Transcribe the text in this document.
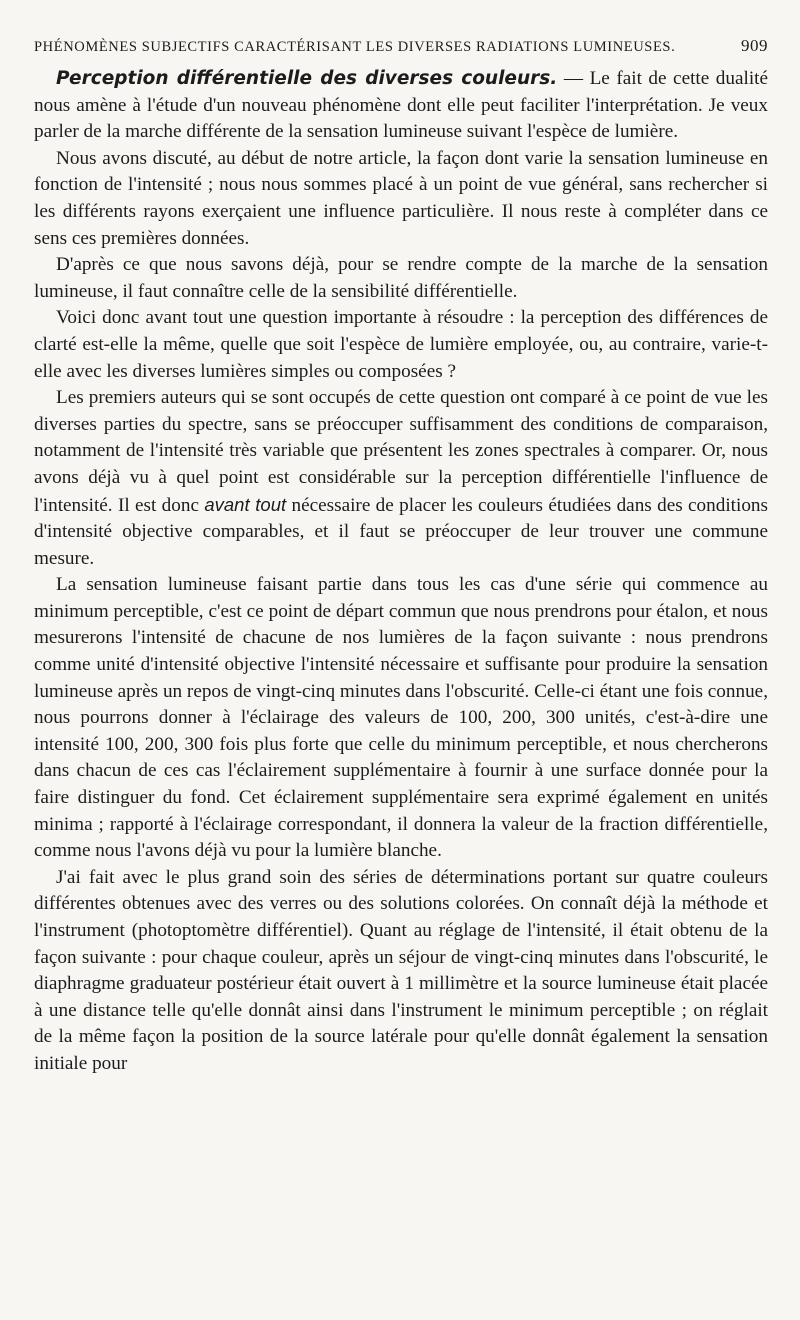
PHÉNOMÈNES SUBJECTIFS CARACTÉRISANT LES DIVERSES RADIATIONS LUMINEUSES.	909

Perception différentielle des diverses couleurs. — Le fait de cette dualité nous amène à l'étude d'un nouveau phénomène dont elle peut faciliter l'interprétation. Je veux parler de la marche différente de la sensation lumineuse suivant l'espèce de lumière.

Nous avons discuté, au début de notre article, la façon dont varie la sensation lumineuse en fonction de l'intensité ; nous nous sommes placé à un point de vue général, sans rechercher si les différents rayons exerçaient une influence particulière. Il nous reste à compléter dans ce sens ces premières données.

D'après ce que nous savons déjà, pour se rendre compte de la marche de la sensation lumineuse, il faut connaître celle de la sensibilité différentielle.

Voici donc avant tout une question importante à résoudre : la perception des différences de clarté est-elle la même, quelle que soit l'espèce de lumière employée, ou, au contraire, varie-t-elle avec les diverses lumières simples ou composées ?

Les premiers auteurs qui se sont occupés de cette question ont comparé à ce point de vue les diverses parties du spectre, sans se préoccuper suffisamment des conditions de comparaison, notamment de l'intensité très variable que présentent les zones spectrales à comparer. Or, nous avons déjà vu à quel point est considérable sur la perception différentielle l'influence de l'intensité. Il est donc avant tout nécessaire de placer les couleurs étudiées dans des conditions d'intensité objective comparables, et il faut se préoccuper de leur trouver une commune mesure.

La sensation lumineuse faisant partie dans tous les cas d'une série qui commence au minimum perceptible, c'est ce point de départ commun que nous prendrons pour étalon, et nous mesurerons l'intensité de chacune de nos lumières de la façon suivante : nous prendrons comme unité d'intensité objective l'intensité nécessaire et suffisante pour produire la sensation lumineuse après un repos de vingt-cinq minutes dans l'obscurité. Celle-ci étant une fois connue, nous pourrons donner à l'éclairage des valeurs de 100, 200, 300 unités, c'est-à-dire une intensité 100, 200, 300 fois plus forte que celle du minimum perceptible, et nous chercherons dans chacun de ces cas l'éclairement supplémentaire à fournir à une surface donnée pour la faire distinguer du fond. Cet éclairement supplémentaire sera exprimé également en unités minima ; rapporté à l'éclairage correspondant, il donnera la valeur de la fraction différentielle, comme nous l'avons déjà vu pour la lumière blanche.

J'ai fait avec le plus grand soin des séries de déterminations portant sur quatre couleurs différentes obtenues avec des verres ou des solutions colorées. On connaît déjà la méthode et l'instrument (photoptomètre différentiel). Quant au réglage de l'intensité, il était obtenu de la façon suivante : pour chaque couleur, après un séjour de vingt-cinq minutes dans l'obscurité, le diaphragme graduateur postérieur était ouvert à 1 millimètre et la source lumineuse était placée à une distance telle qu'elle donnât ainsi dans l'instrument le minimum perceptible ; on réglait de la même façon la position de la source latérale pour qu'elle donnât également la sensation initiale pour
